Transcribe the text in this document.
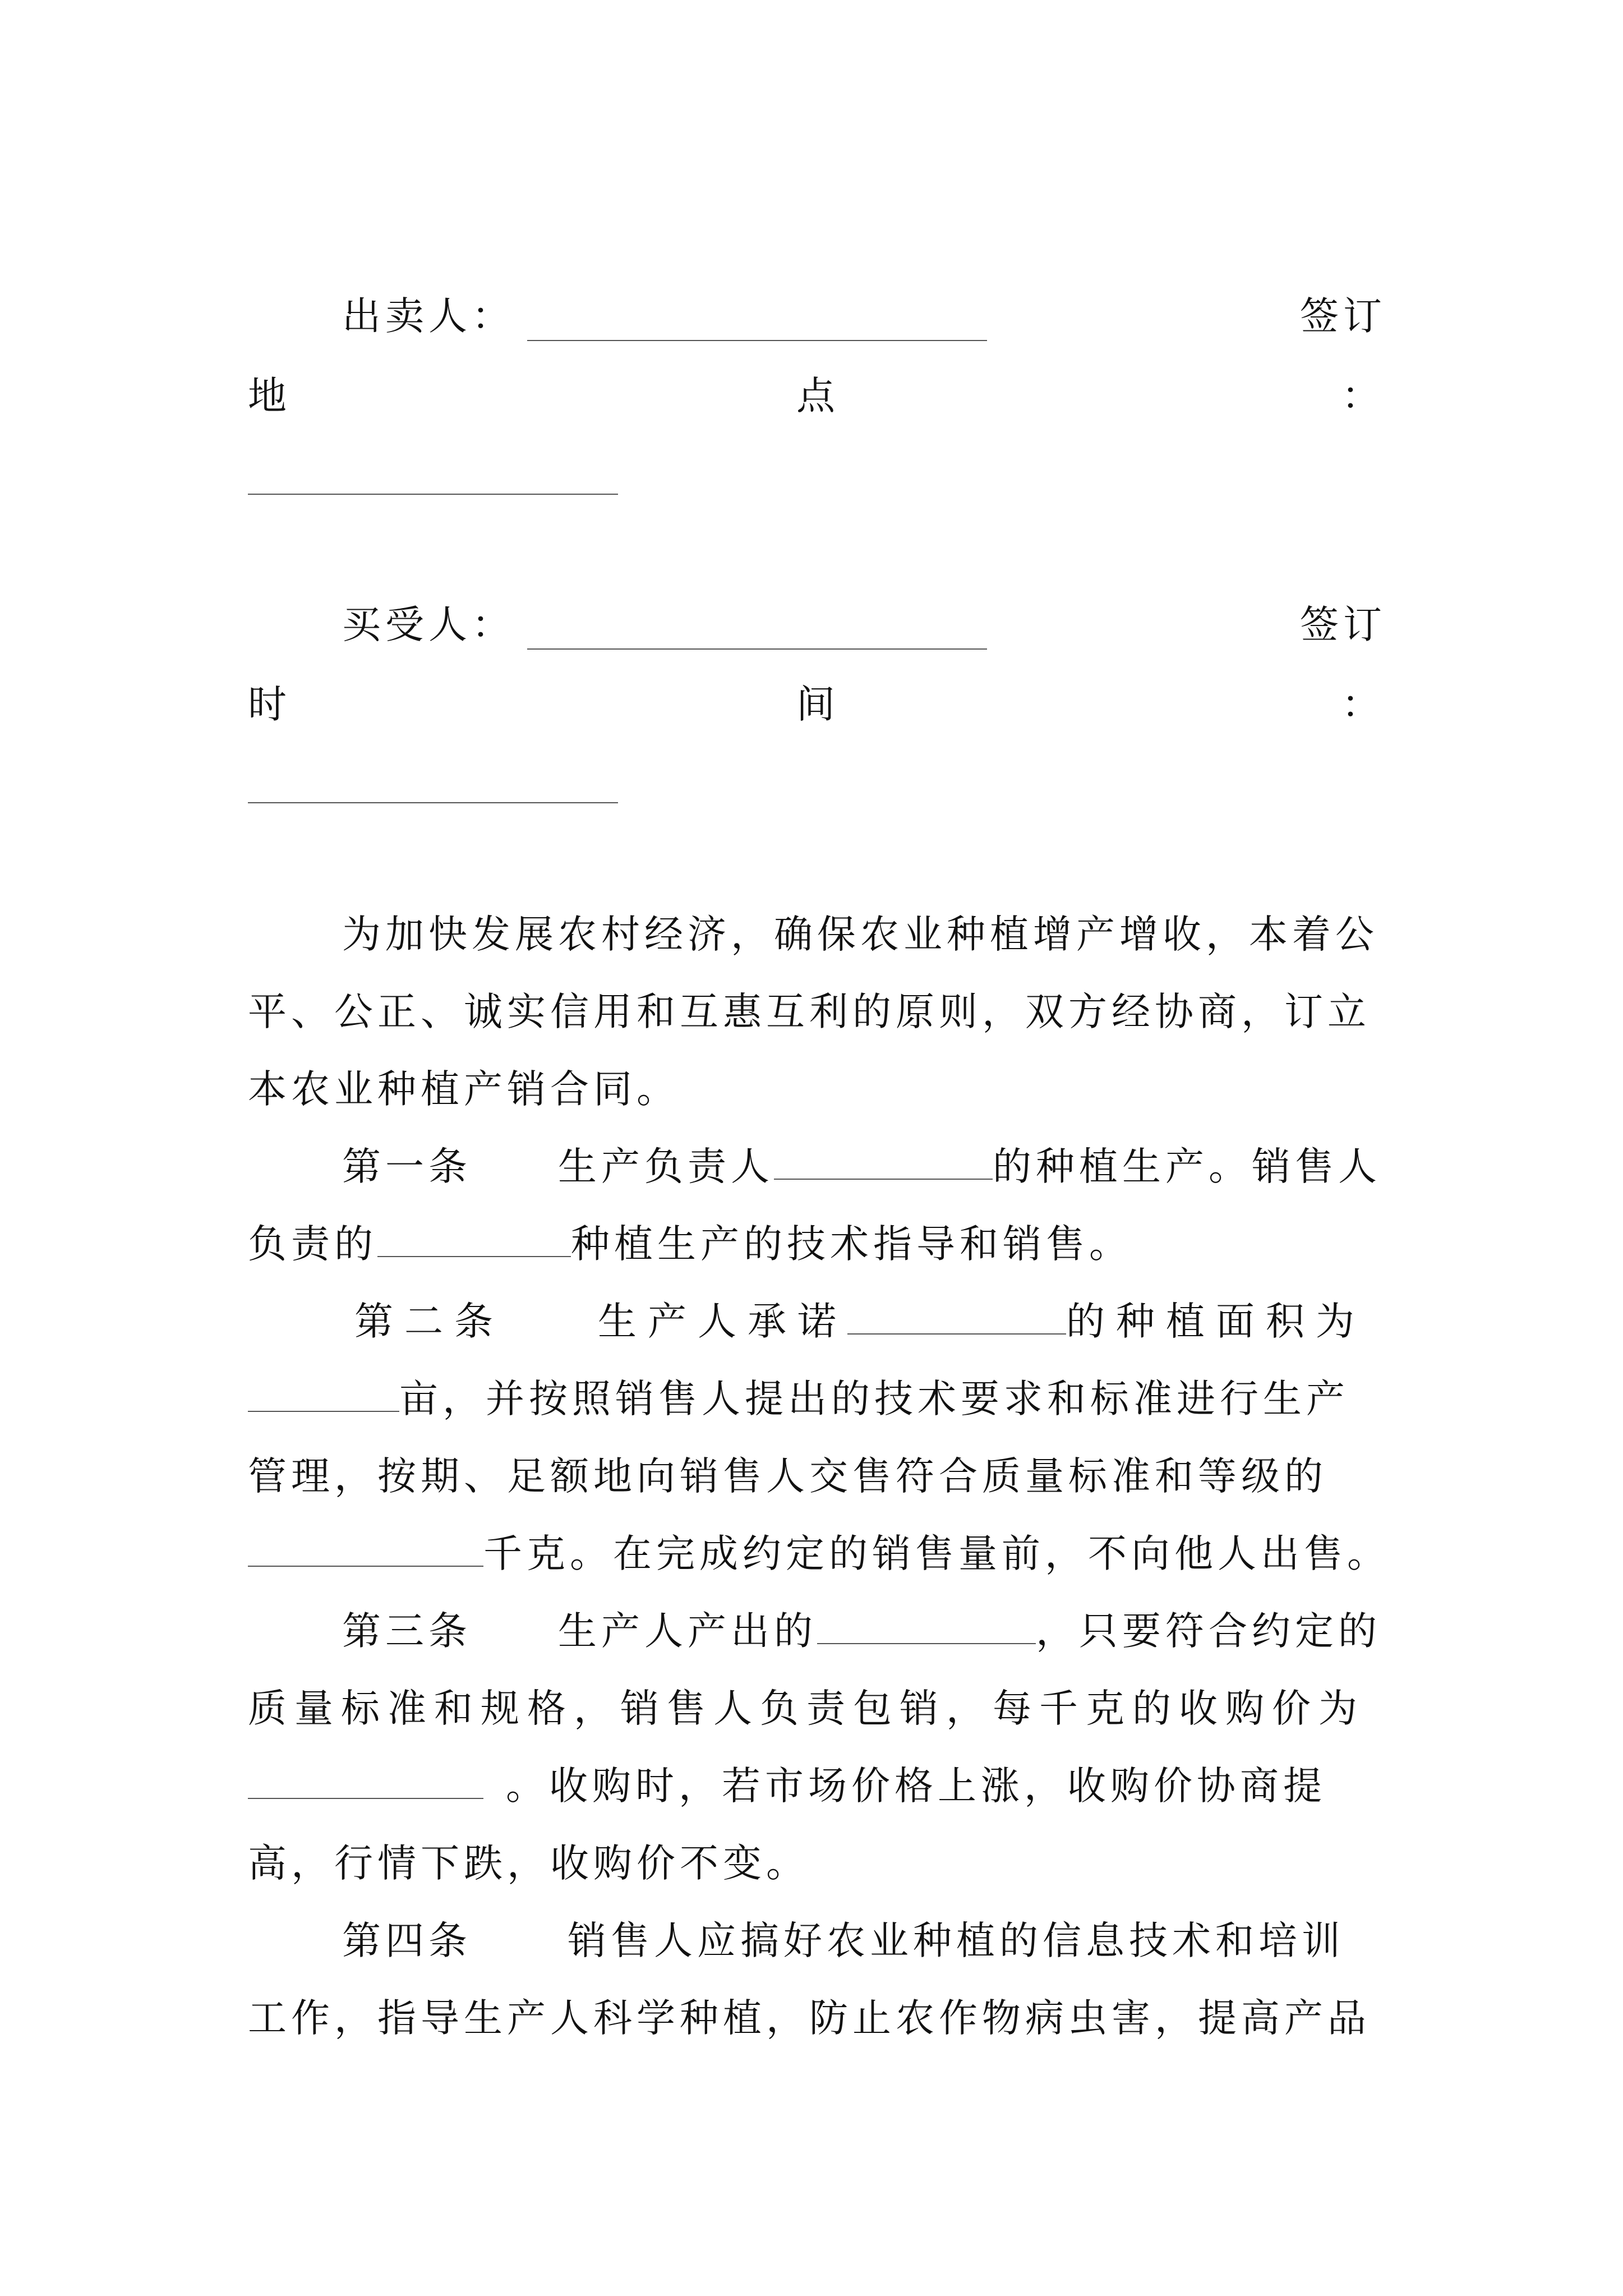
出卖人：	签订
地	点	：
买受人：	签订
时	间	：
为加快发展农村经济，确保农业种植增产增收，本着公
平、公正、诚实信用和互惠互利的原则，双方经协商，订立
本农业种植产销合同。
第一条 生产负责人	的种植生产。销售人
负责的	种植生产的技术指导和销售。
第二条 生产人承诺	的种植面积为
亩，并按照销售人提出的技术要求和标准进行生产
管理，按期、足额地向销售人交售符合质量标准和等级的
千克。在完成约定的销售量前，不向他人出售。
第三条 生产人产出的	，只要符合约定的
质量标准和规格，销售人负责包销，每千克的收购价为
。收购时，若市场价格上涨，收购价协商提
高，行情下跌，收购价不变。
第四条 销售人应搞好农业种植的信息技术和培训
工作，指导生产人科学种植，防止农作物病虫害，提高产品
